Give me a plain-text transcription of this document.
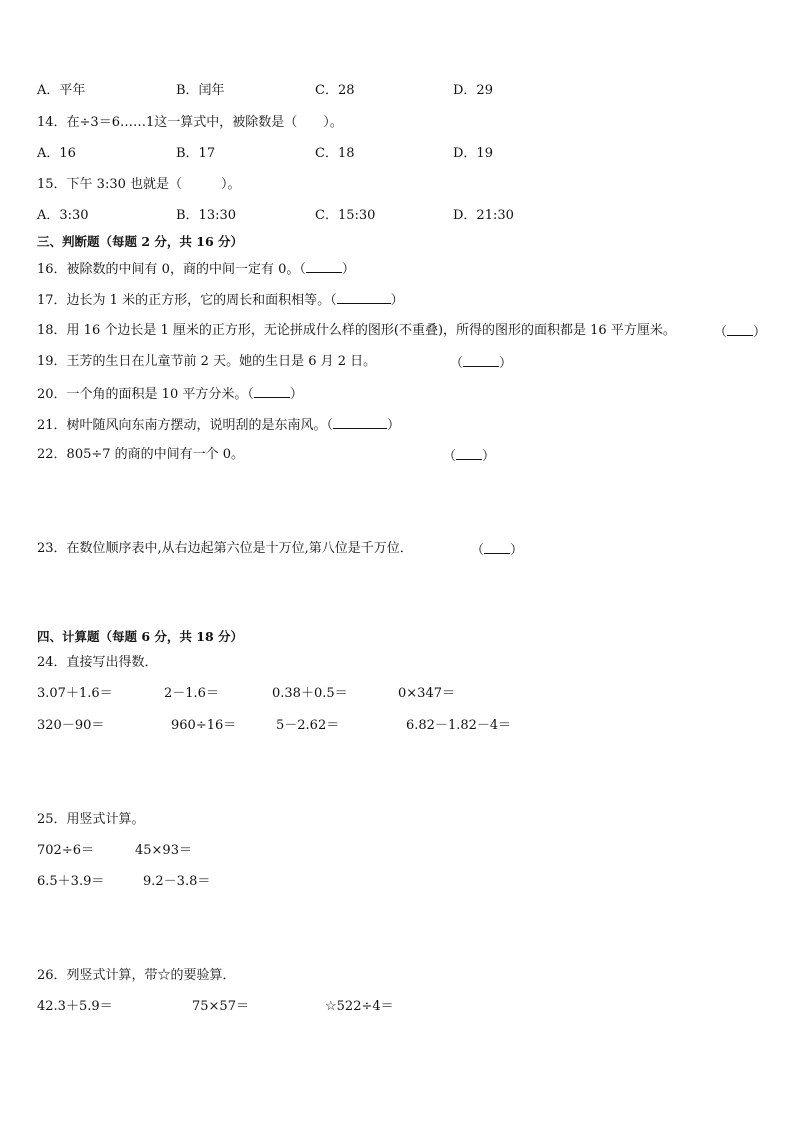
A．平年	B．闰年	C．28	D．29
14．在÷3＝6……1这一算式中，被除数是（　　）。
A．16	B．17	C．18	D．19
15．下午 3:30 也就是（　　　）。
A．3:30	B．13:30	C．15:30	D．21:30
三、判断题（每题 2 分，共 16 分）
16．被除数的中间有 0，商的中间一定有 0。（	）
17．边长为 1 米的正方形，它的周长和面积相等。（	）
18．用 16 个边长是 1 厘米的正方形，无论拼成什么样的图形(不重叠)，所得的图形的面积都是 16 平方厘米。	（ ）
19．王芳的生日在儿童节前 2 天。她的生日是 6 月 2 日。	（	）
20．一个角的面积是 10 平方分米。（	）
21．树叶随风向东南方摆动，说明刮的是东南风。（	）
22．805÷7 的商的中间有一个 0。	（ ）
23．在数位顺序表中,从右边起第六位是十万位,第八位是千万位．	（ ）
四、计算题（每题 6 分，共 18 分）
24．直接写出得数．
3.07＋1.6＝	2－1.6＝	0.38＋0.5＝	0×347＝
320－90＝	960÷16＝	5－2.62＝	6.82－1.82－4＝
25．用竖式计算。
702÷6＝	45×93＝
6.5＋3.9＝	9.2－3.8＝
26．列竖式计算，带☆的要验算．
42.3＋5.9＝	75×57＝	☆522÷4＝
